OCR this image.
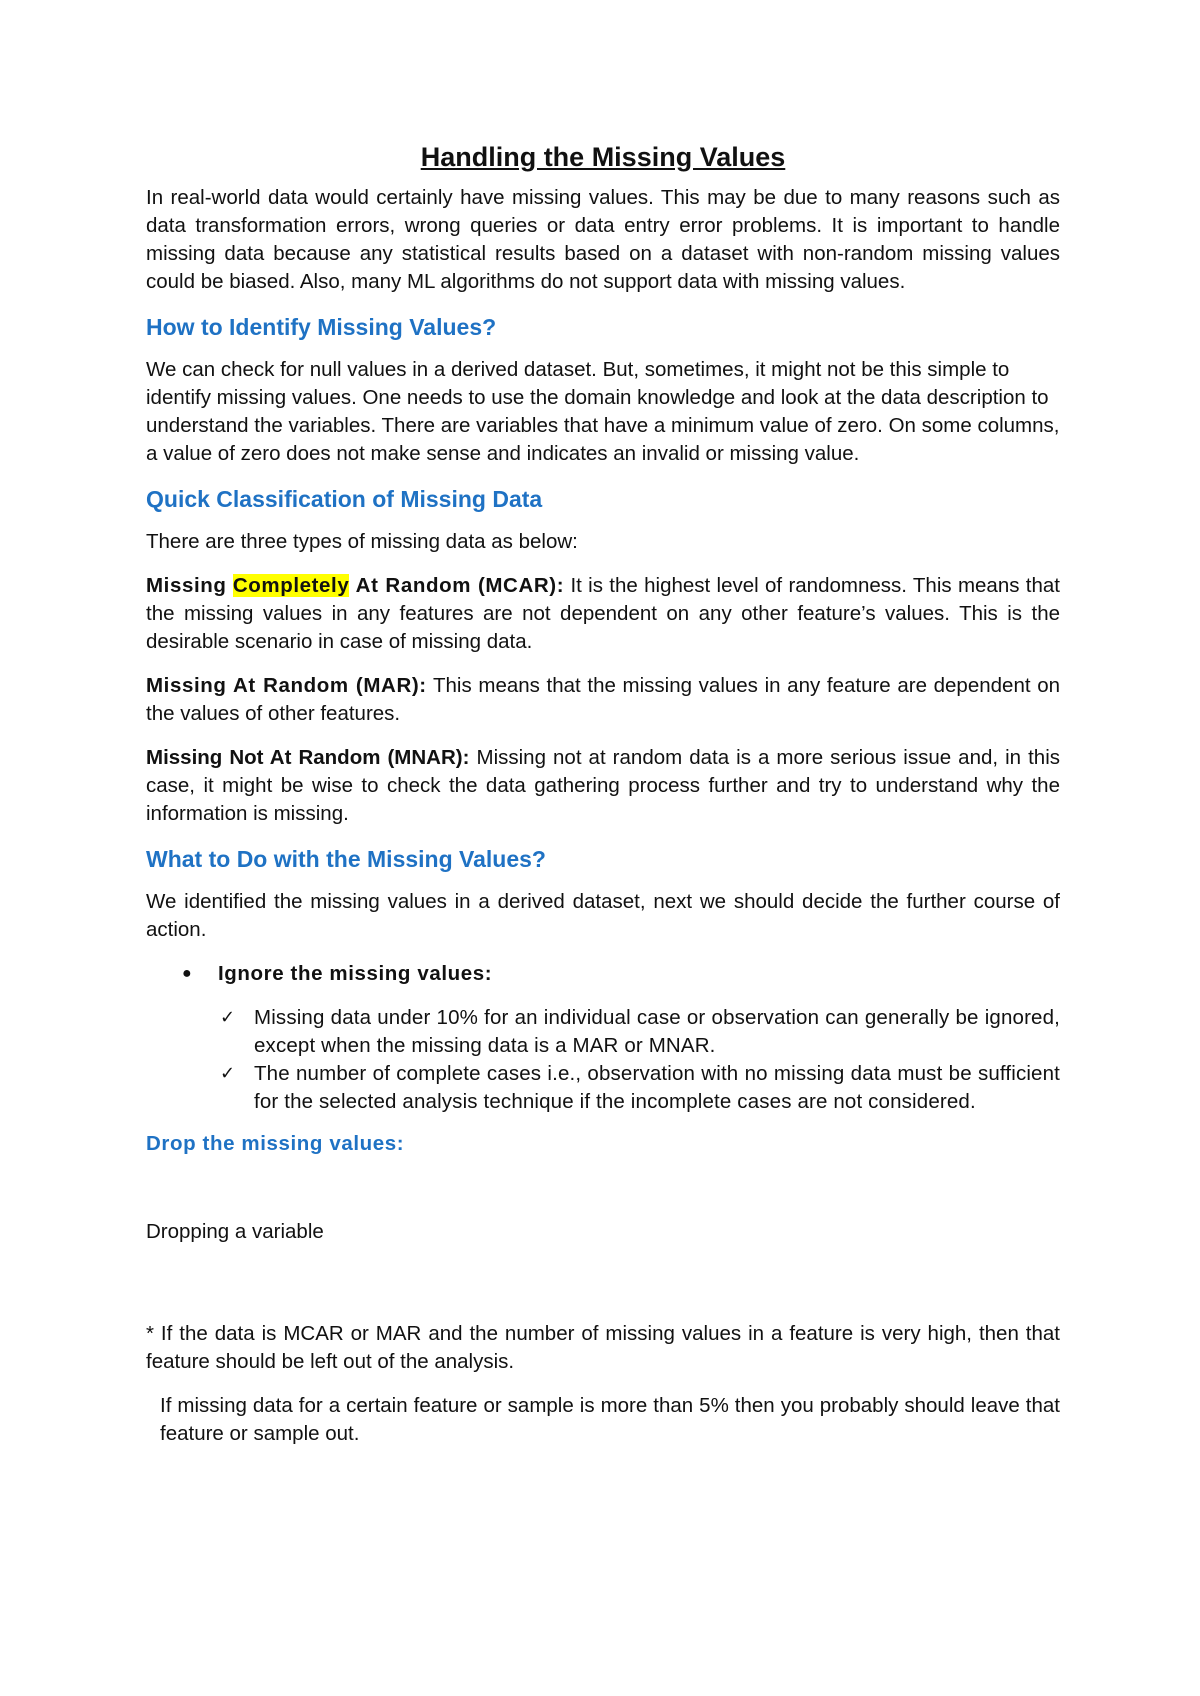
Handling the Missing Values

In real-world data would certainly have missing values. This may be due to many reasons such as data transformation errors, wrong queries or data entry error problems. It is important to handle missing data because any statistical results based on a dataset with non-random missing values could be biased. Also, many ML algorithms do not support data with missing values.

How to Identify Missing Values?

We can check for null values in a derived dataset. But, sometimes, it might not be this simple to identify missing values. One needs to use the domain knowledge and look at the data description to understand the variables. There are variables that have a minimum value of zero. On some columns, a value of zero does not make sense and indicates an invalid or missing value.

Quick Classification of Missing Data

There are three types of missing data as below:

Missing Completely At Random (MCAR): It is the highest level of randomness. This means that the missing values in any features are not dependent on any other feature’s values. This is the desirable scenario in case of missing data.

Missing At Random (MAR): This means that the missing values in any feature are dependent on the values of other features.

Missing Not At Random (MNAR): Missing not at random data is a more serious issue and, in this case, it might be wise to check the data gathering process further and try to understand why the information is missing.

What to Do with the Missing Values?

We identified the missing values in a derived dataset, next we should decide the further course of action.

●	Ignore the missing values:
✓ Missing data under 10% for an individual case or observation can generally be ignored, except when the missing data is a MAR or MNAR.
✓ The number of complete cases i.e., observation with no missing data must be sufficient for the selected analysis technique if the incomplete cases are not considered.
Drop the missing values:

Dropping a variable

* If the data is MCAR or MAR and the number of missing values in a feature is very high, then that feature should be left out of the analysis.

If missing data for a certain feature or sample is more than 5% then you probably should leave that feature or sample out.
